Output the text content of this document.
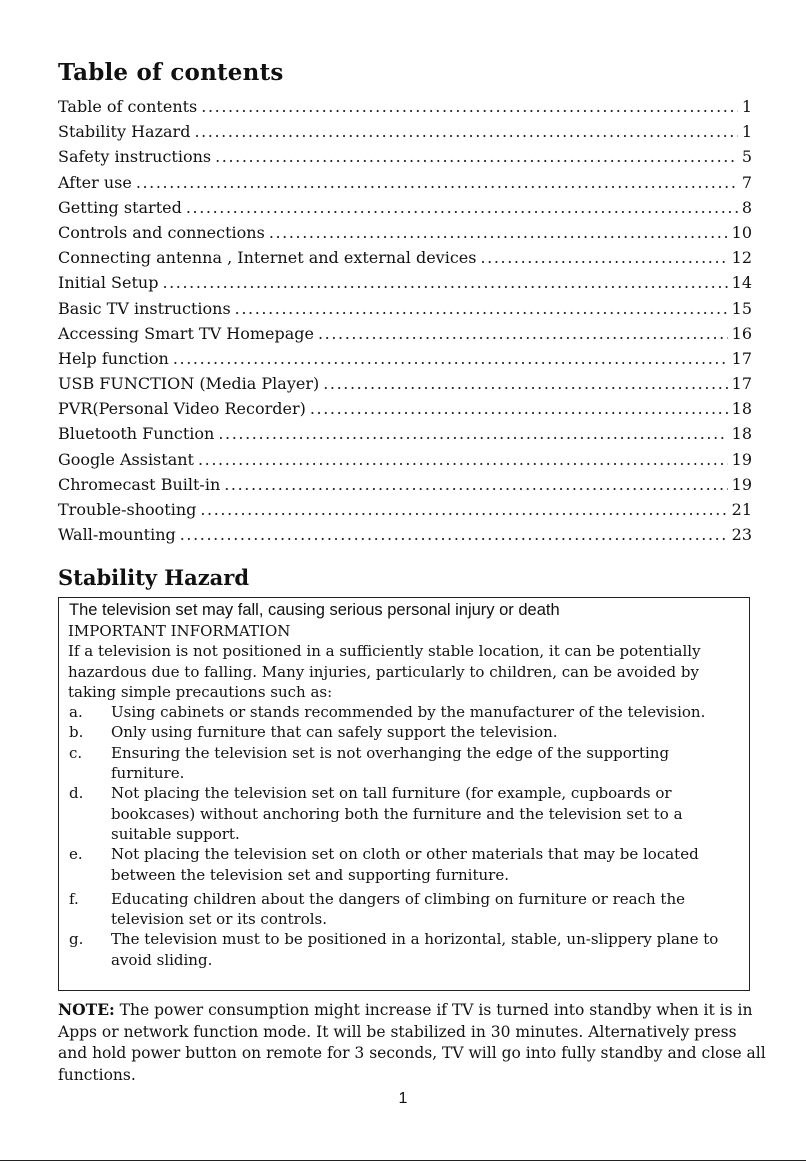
Table of contents
Table of contents .....	1
Stability Hazard .....	1
Safety instructions .....	5
After use .....	7
Getting started .....	8
Controls and connections .....	10
Connecting antenna , Internet and external devices .....	12
Initial Setup .....	14
Basic TV instructions .....	15
Accessing Smart TV Homepage .....	16
Help function .....	17
USB FUNCTION (Media Player) .....	17
PVR(Personal Video Recorder) .....	18
Bluetooth Function .....	18
Google Assistant .....	19
Chromecast Built-in .....	19
Trouble-shooting .....	21
Wall-mounting .....	23
Stability Hazard
The television set may fall, causing serious personal injury or death

IMPORTANT INFORMATION

If a television is not positioned in a sufficiently stable location, it can be potentially hazardous due to falling. Many injuries, particularly to children, can be avoided by taking simple precautions such as:

a. Using cabinets or stands recommended by the manufacturer of the television.
b. Only using furniture that can safely support the television.
c. Ensuring the television set is not overhanging the edge of the supporting furniture.
d. Not placing the television set on tall furniture (for example, cupboards or bookcases) without anchoring both the furniture and the television set to a suitable support.
e. Not placing the television set on cloth or other materials that may be located between the television set and supporting furniture.
f. Educating children about the dangers of climbing on furniture or reach the television set or its controls.
g. The television must to be positioned in a horizontal, stable, un-slippery plane to avoid sliding.
NOTE: The power consumption might increase if TV is turned into standby when it is in Apps or network function mode. It will be stabilized in 30 minutes. Alternatively press and hold power button on remote for 3 seconds, TV will go into fully standby and close all functions.
1
